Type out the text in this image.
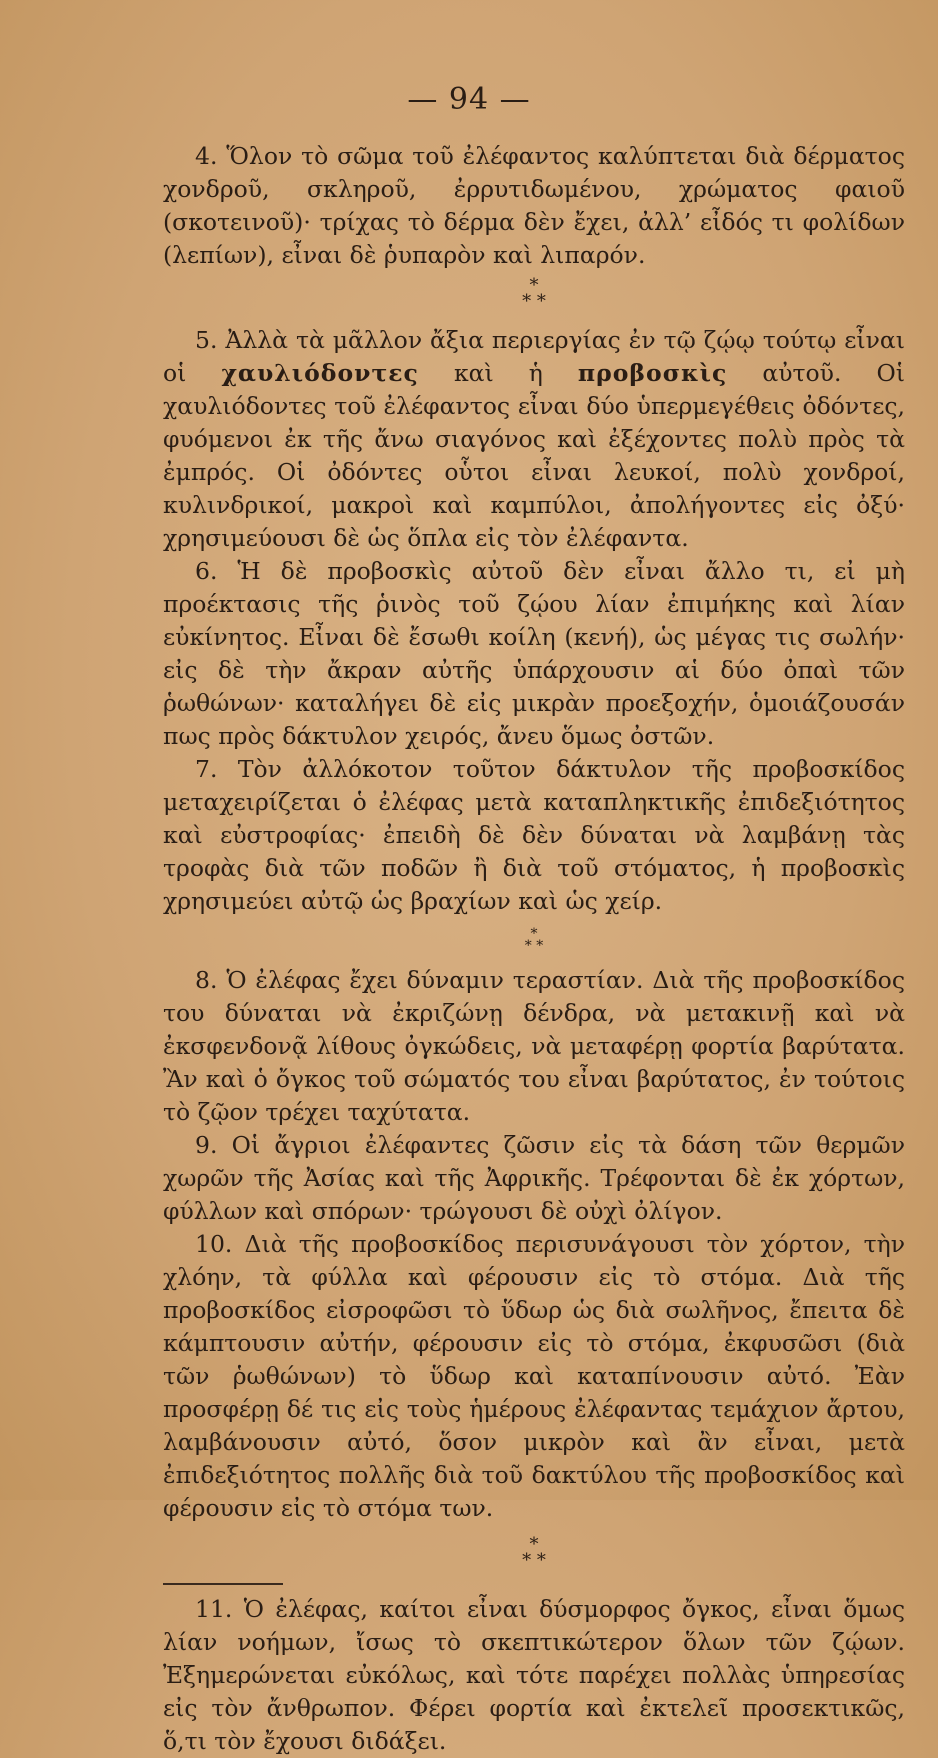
— 94 —

4. Ὅλον τὸ σῶμα τοῦ ἐλέφαντος καλύπτεται διὰ δέρματος χονδροῦ, σκληροῦ, ἐρρυτιδωμένου, χρώματος φαιοῦ (σκοτεινοῦ)· τρίχας τὸ δέρμα δὲν ἔχει, ἀλλ’ εἶδός τι φολίδων (λεπίων), εἶναι δὲ ῥυπαρὸν καὶ λιπαρόν.

*
* *

5. Ἀλλὰ τὰ μᾶλλον ἄξια περιεργίας ἐν τῷ ζῴῳ τούτῳ εἶναι οἱ χαυλιόδοντες καὶ ἡ προβοσκὶς αὐτοῦ. Οἱ χαυλιόδοντες τοῦ ἐλέφαντος εἶναι δύο ὑπερμεγέθεις ὀδόντες, φυόμενοι ἐκ τῆς ἄνω σιαγόνος καὶ ἐξέχοντες πολὺ πρὸς τὰ ἐμπρός. Οἱ ὀδόντες οὗτοι εἶναι λευκοί, πολὺ χονδροί, κυλινδρικοί, μακροὶ καὶ καμπύλοι, ἀπολήγοντες εἰς ὀξύ· χρησιμεύουσι δὲ ὡς ὅπλα εἰς τὸν ἐλέφαντα.

6. Ἡ δὲ προβοσκὶς αὐτοῦ δὲν εἶναι ἄλλο τι, εἰ μὴ προέκτασις τῆς ῥινὸς τοῦ ζῴου λίαν ἐπιμήκης καὶ λίαν εὐκίνητος. Εἶναι δὲ ἔσωθι κοίλη (κενή), ὡς μέγας τις σωλήν· εἰς δὲ τὴν ἄκραν αὐτῆς ὑπάρχουσιν αἱ δύο ὀπαὶ τῶν ῥωθώνων· καταλήγει δὲ εἰς μικρὰν προεξοχήν, ὁμοιάζουσάν πως πρὸς δάκτυλον χειρός, ἄνευ ὅμως ὀστῶν.

7. Τὸν ἀλλόκοτον τοῦτον δάκτυλον τῆς προβοσκίδος μεταχειρίζεται ὁ ἐλέφας μετὰ καταπληκτικῆς ἐπιδεξιότητος καὶ εὐστροφίας· ἐπειδὴ δὲ δὲν δύναται νὰ λαμβάνῃ τὰς τροφὰς διὰ τῶν ποδῶν ἢ διὰ τοῦ στόματος, ἡ προβοσκὶς χρησιμεύει αὐτῷ ὡς βραχίων καὶ ὡς χείρ.

*
* *

8. Ὁ ἐλέφας ἔχει δύναμιν τεραστίαν. Διὰ τῆς προβοσκίδος του δύναται νὰ ἐκριζώνῃ δένδρα, νὰ μετακινῇ καὶ νὰ ἐκσφενδονᾷ λίθους ὀγκώδεις, νὰ μεταφέρῃ φορτία βαρύτατα. Ἂν καὶ ὁ ὄγκος τοῦ σώματός του εἶναι βαρύτατος, ἐν τούτοις τὸ ζῷον τρέχει ταχύτατα.

9. Οἱ ἄγριοι ἐλέφαντες ζῶσιν εἰς τὰ δάση τῶν θερμῶν χωρῶν τῆς Ἀσίας καὶ τῆς Ἀφρικῆς. Τρέφονται δὲ ἐκ χόρτων, φύλλων καὶ σπόρων· τρώγουσι δὲ οὐχὶ ὀλίγον.

10. Διὰ τῆς προβοσκίδος περισυνάγουσι τὸν χόρτον, τὴν χλόην, τὰ φύλλα καὶ φέρουσιν εἰς τὸ στόμα. Διὰ τῆς προβοσκίδος εἰσροφῶσι τὸ ὕδωρ ὡς διὰ σωλῆνος, ἔπειτα δὲ κάμπτουσιν αὐτήν, φέρουσιν εἰς τὸ στόμα, ἐκφυσῶσι (διὰ τῶν ῥωθώνων) τὸ ὕδωρ καὶ καταπίνουσιν αὐτό. Ἐὰν προσφέρῃ δέ τις εἰς τοὺς ἡμέρους ἐλέφαντας τεμάχιον ἄρτου, λαμβάνουσιν αὐτό, ὅσον μικρὸν καὶ ἂν εἶναι, μετὰ ἐπιδεξιότητος πολλῆς διὰ τοῦ δακτύλου τῆς προβοσκίδος καὶ φέρουσιν εἰς τὸ στόμα των.

*
* *

11. Ὁ ἐλέφας, καίτοι εἶναι δύσμορφος ὄγκος, εἶναι ὅμως λίαν νοήμων, ἴσως τὸ σκεπτικώτερον ὅλων τῶν ζῴων. Ἐξημερώνεται εὐκόλως, καὶ τότε παρέχει πολλὰς ὑπηρεσίας εἰς τὸν ἄνθρωπον. Φέρει φορτία καὶ ἐκτελεῖ προσεκτικῶς, ὅ,τι τὸν ἔχουσι διδάξει.
